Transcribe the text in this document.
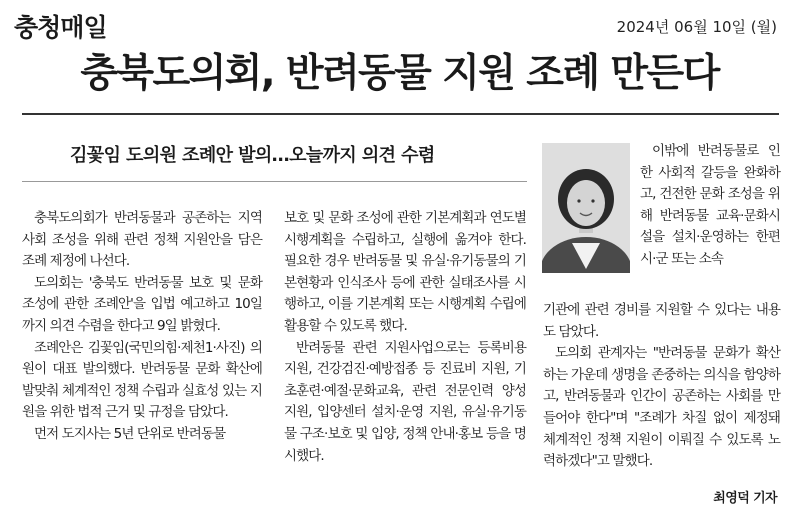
충청매일	2024년 06월 10일 (월)
충북도의회, 반려동물 지원 조례 만든다
김꽃임 도의원 조례안 발의…오늘까지 의견 수렴

충북도의회가 반려동물과 공존하는 지역사회 조성을 위해 관련 정책 지원안을 담은 조례 제정에 나선다.

도의회는 '충북도 반려동물 보호 및 문화 조성에 관한 조례안'을 입법 예고하고 10일까지 의견 수렴을 한다고 9일 밝혔다.

조례안은 김꽃임(국민의힘·제천1·사진) 의원이 대표 발의했다. 반려동물 문화 확산에 발맞춰 체계적인 정책 수립과 실효성 있는 지원을 위한 법적 근거 및 규정을 담았다.

먼저 도지사는 5년 단위로 반려동물

보호 및 문화 조성에 관한 기본계획과 연도별 시행계획을 수립하고, 실행에 옮겨야 한다. 필요한 경우 반려동물 및 유실·유기동물의 기본현황과 인식조사 등에 관한 실태조사를 시행하고, 이를 기본계획 또는 시행계획 수립에 활용할 수 있도록 했다.

반려동물 관련 지원사업으로는 등록비용 지원, 건강검진·예방접종 등 진료비 지원, 기초훈련·예절·문화교육, 관련 전문인력 양성 지원, 입양센터 설치·운영 지원, 유실·유기동물 구조·보호 및 입양, 정책 안내·홍보 등을 명시했다.

이밖에 반려동물로 인한 사회적 갈등을 완화하고, 건전한 문화 조성을 위해 반려동물 교육·문화시설을 설치·운영하는 한편 시·군 또는 소속

기관에 관련 경비를 지원할 수 있다는 내용도 담았다.

도의회 관계자는 "반려동물 문화가 확산하는 가운데 생명을 존중하는 의식을 함양하고, 반려동물과 인간이 공존하는 사회를 만들어야 한다"며 "조례가 차질 없이 제정돼 체계적인 정책 지원이 이뤄질 수 있도록 노력하겠다"고 말했다.

최영덕 기자
